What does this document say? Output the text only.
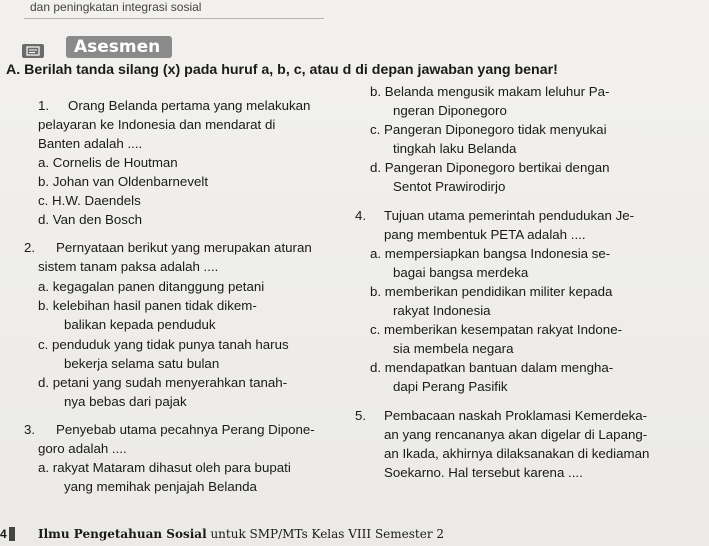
dan peningkatan integrasi sosial
Asesmen
A. Berilah tanda silang (x) pada huruf a, b, c, atau d di depan jawaban yang benar!
1. Orang Belanda pertama yang melakukan
pelayaran ke Indonesia dan mendarat di
Banten adalah ....
a. Cornelis de Houtman
b. Johan van Oldenbarnevelt
c. H.W. Daendels
d. Van den Bosch
2. Pernyataan berikut yang merupakan aturan
sistem tanam paksa adalah ....
a. kegagalan panen ditanggung petani
b. kelebihan hasil panen tidak dikem-
balikan kepada penduduk
c. penduduk yang tidak punya tanah harus
bekerja selama satu bulan
d. petani yang sudah menyerahkan tanah-
nya bebas dari pajak
3. Penyebab utama pecahnya Perang Dipone-
goro adalah ....
a. rakyat Mataram dihasut oleh para bupati
yang memihak penjajah Belanda
b. Belanda mengusik makam leluhur Pa-
ngeran Diponegoro
c. Pangeran Diponegoro tidak menyukai
tingkah laku Belanda
d. Pangeran Diponegoro bertikai dengan
Sentot Prawirodirjo
4. Tujuan utama pemerintah pendudukan Je-
pang membentuk PETA adalah ....
a. mempersiapkan bangsa Indonesia se-
bagai bangsa merdeka
b. memberikan pendidikan militer kepada
rakyat Indonesia
c. memberikan kesempatan rakyat Indone-
sia membela negara
d. mendapatkan bantuan dalam mengha-
dapi Perang Pasifik
5. Pembacaan naskah Proklamasi Kemerdeka-
an yang rencananya akan digelar di Lapang-
an Ikada, akhirnya dilaksanakan di kediaman
Soekarno. Hal tersebut karena ....
4	Ilmu Pengetahuan Sosial untuk SMP/MTs Kelas VIII Semester 2
